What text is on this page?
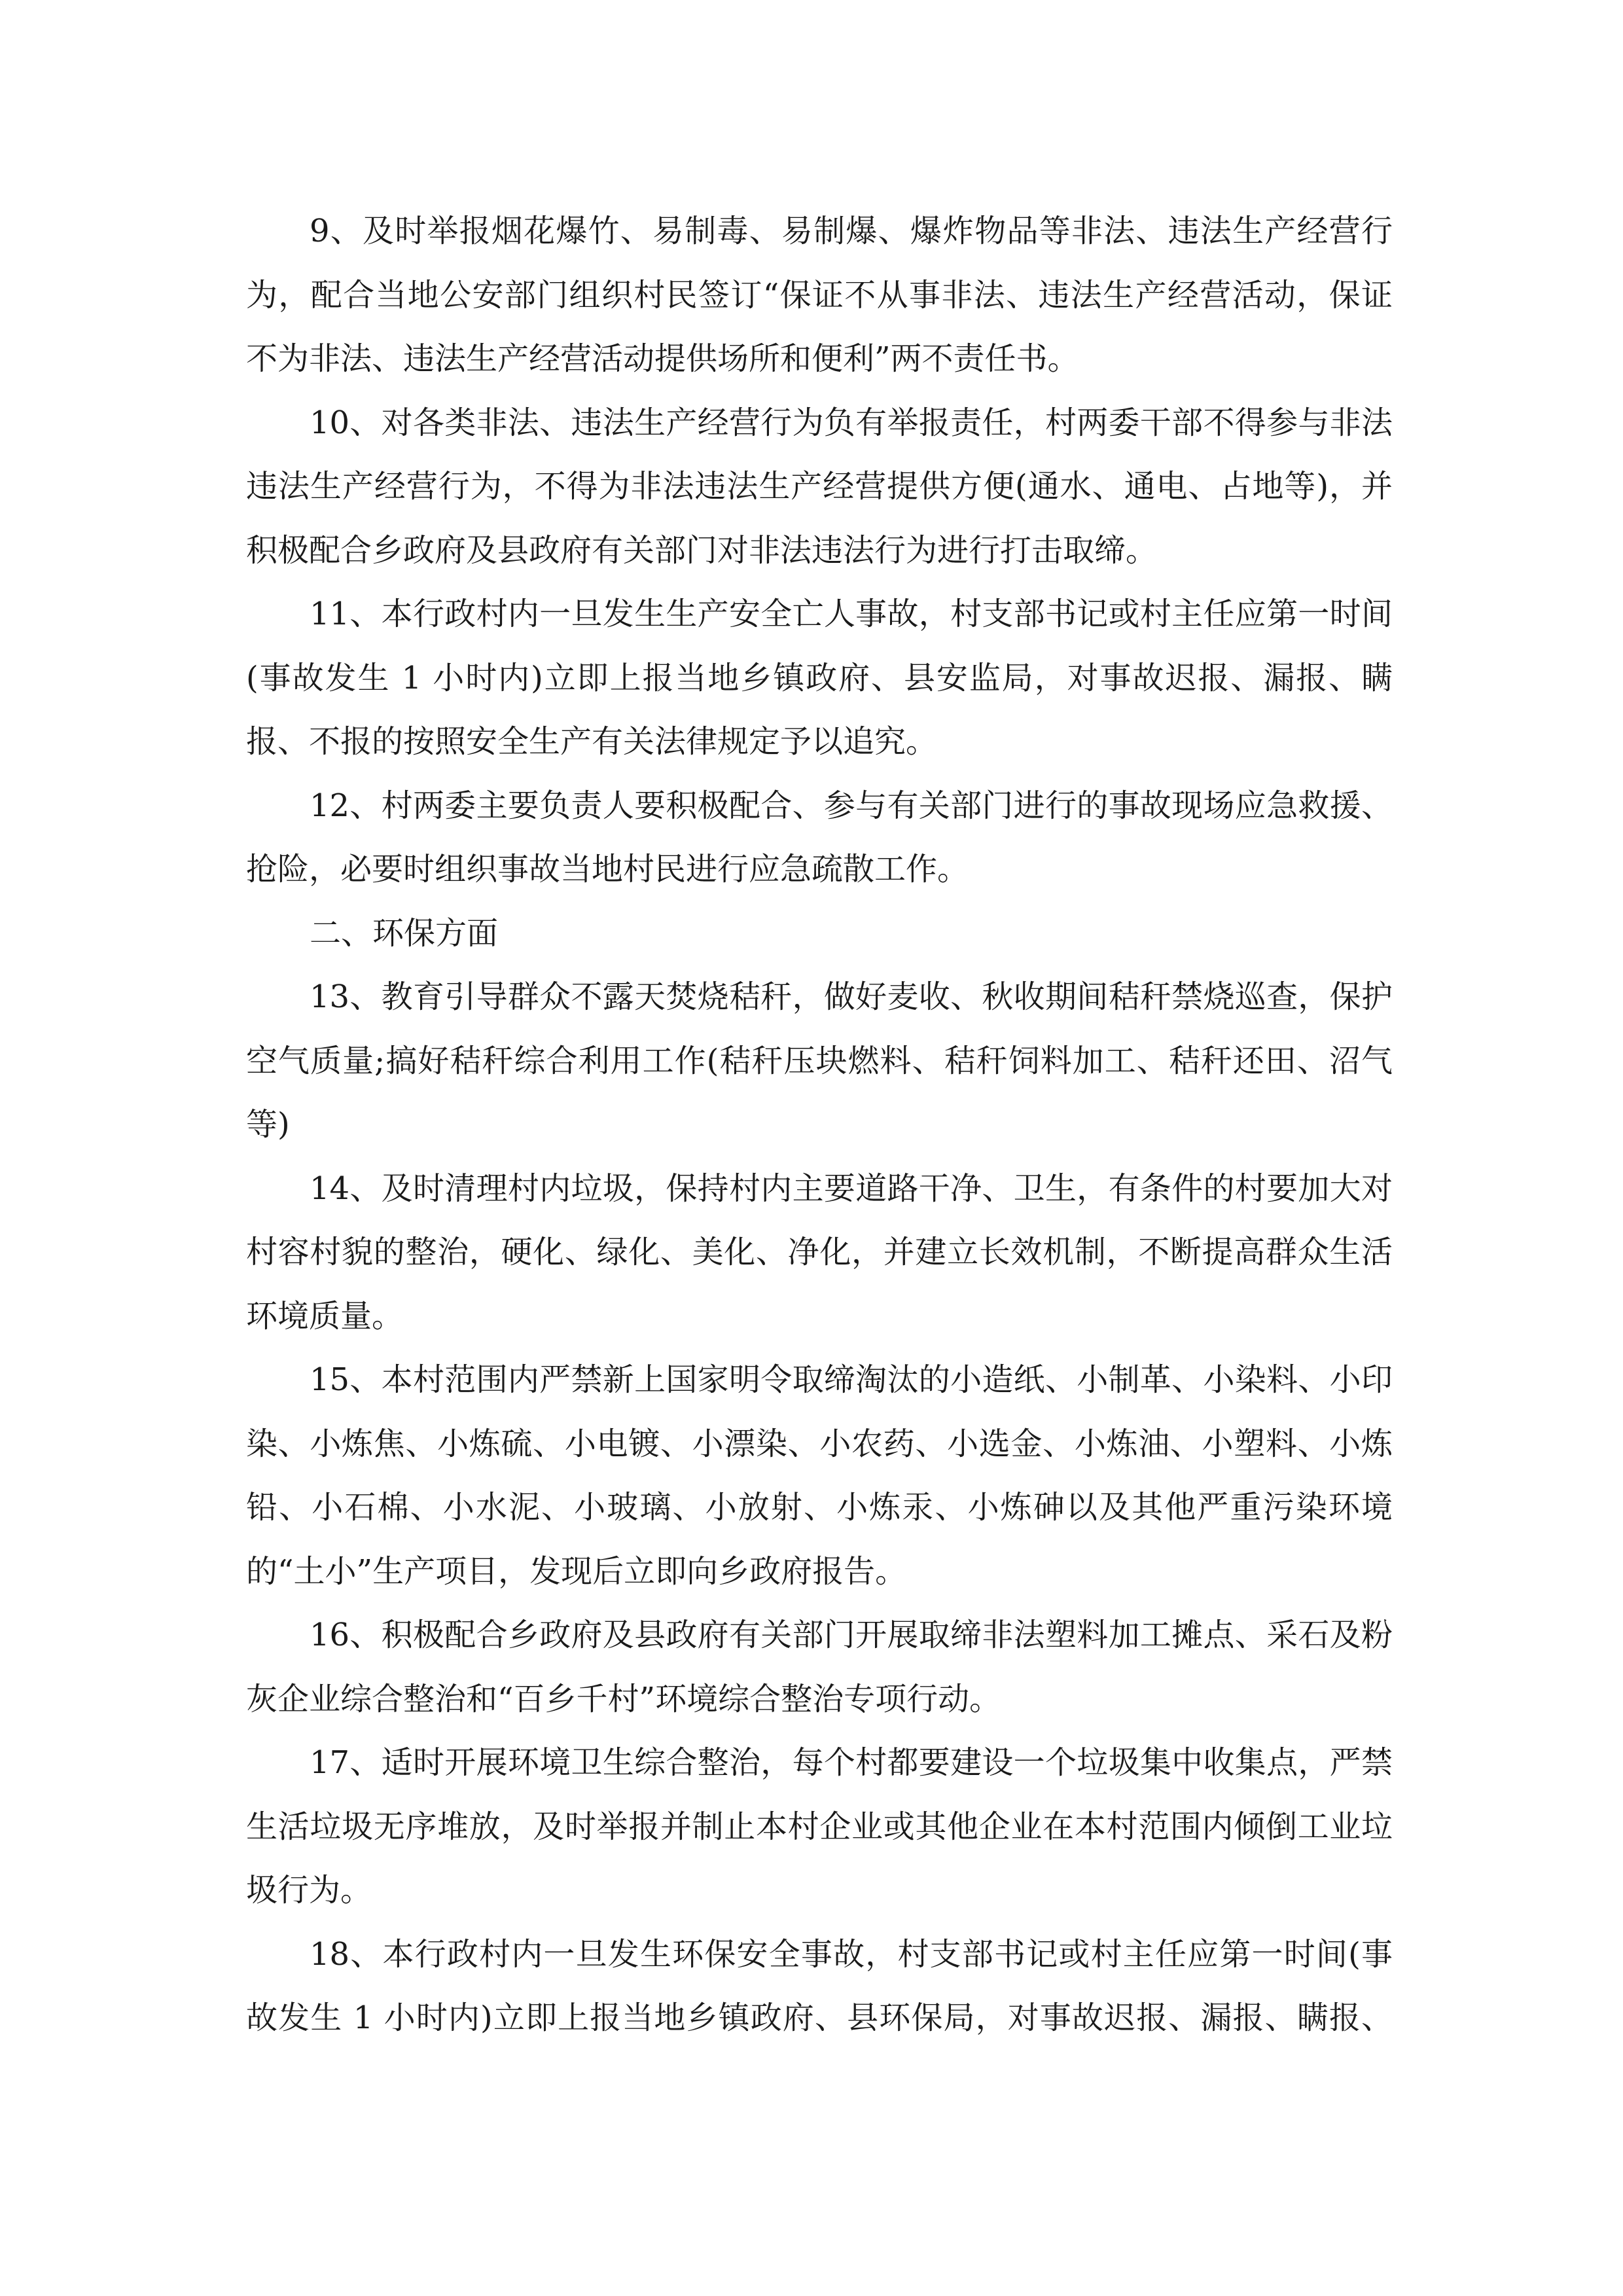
9、及时举报烟花爆竹、易制毒、易制爆、爆炸物品等非法、违法生产经营行为，配合当地公安部门组织村民签订“保证不从事非法、违法生产经营活动，保证不为非法、违法生产经营活动提供场所和便利”两不责任书。

10、对各类非法、违法生产经营行为负有举报责任，村两委干部不得参与非法违法生产经营行为，不得为非法违法生产经营提供方便(通水、通电、占地等)，并积极配合乡政府及县政府有关部门对非法违法行为进行打击取缔。

11、本行政村内一旦发生生产安全亡人事故，村支部书记或村主任应第一时间(事故发生 1 小时内)立即上报当地乡镇政府、县安监局，对事故迟报、漏报、瞒报、不报的按照安全生产有关法律规定予以追究。

12、村两委主要负责人要积极配合、参与有关部门进行的事故现场应急救援、抢险，必要时组织事故当地村民进行应急疏散工作。

二、环保方面

13、教育引导群众不露天焚烧秸秆，做好麦收、秋收期间秸秆禁烧巡查，保护空气质量;搞好秸秆综合利用工作(秸秆压块燃料、秸秆饲料加工、秸秆还田、沼气等)

14、及时清理村内垃圾，保持村内主要道路干净、卫生，有条件的村要加大对村容村貌的整治，硬化、绿化、美化、净化，并建立长效机制，不断提高群众生活环境质量。

15、本村范围内严禁新上国家明令取缔淘汰的小造纸、小制革、小染料、小印染、小炼焦、小炼硫、小电镀、小漂染、小农药、小选金、小炼油、小塑料、小炼铅、小石棉、小水泥、小玻璃、小放射、小炼汞、小炼砷以及其他严重污染环境的“土小”生产项目，发现后立即向乡政府报告。

16、积极配合乡政府及县政府有关部门开展取缔非法塑料加工摊点、采石及粉灰企业综合整治和“百乡千村”环境综合整治专项行动。

17、适时开展环境卫生综合整治，每个村都要建设一个垃圾集中收集点，严禁生活垃圾无序堆放，及时举报并制止本村企业或其他企业在本村范围内倾倒工业垃圾行为。

18、本行政村内一旦发生环保安全事故，村支部书记或村主任应第一时间(事故发生 1 小时内)立即上报当地乡镇政府、县环保局，对事故迟报、漏报、瞒报、
